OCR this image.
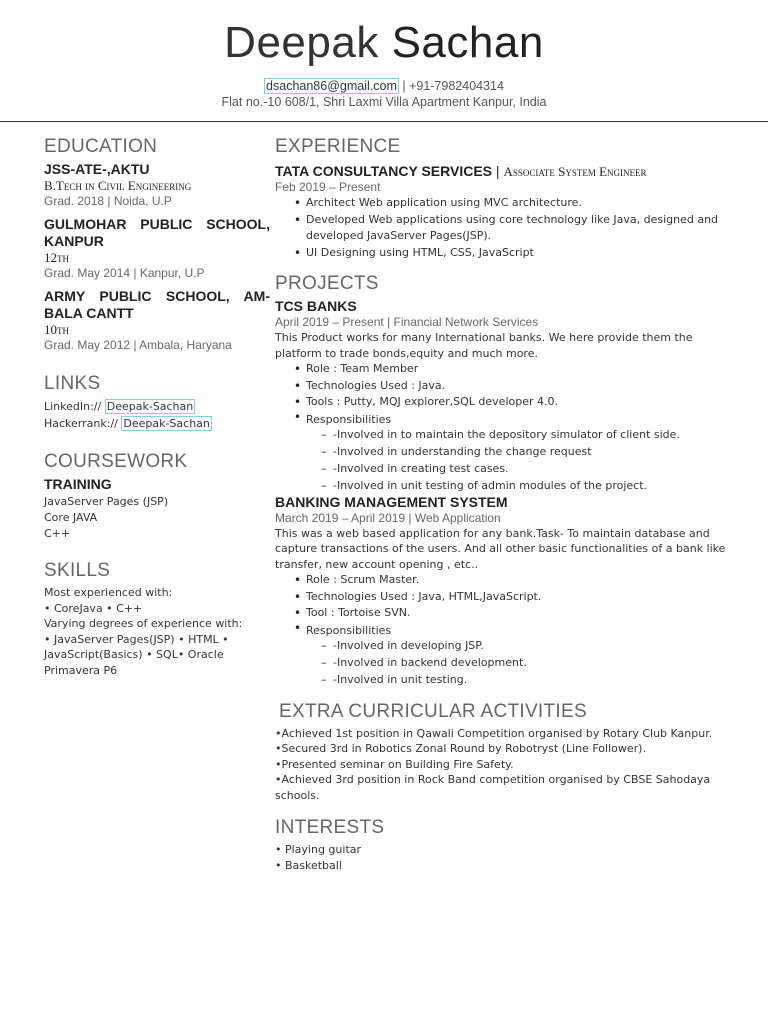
Deepak Sachan
dsachan86@gmail.com | +91-7982404314
Flat no.-10 608/1, Shri Laxmi Villa Apartment Kanpur, India
EDUCATION
JSS-ATE-,AKTU
B.Tech in Civil Engineering
Grad. 2018 | Noida, U.P
GULMOHAR PUBLIC SCHOOL, KANPUR
12th
Grad. May 2014 | Kanpur, U.P
ARMY PUBLIC SCHOOL, AM-BALA CANTT
10th
Grad. May 2012 | Ambala, Haryana
LINKS
LinkedIn:// Deepak-Sachan
Hackerrank:// Deepak-Sachan
COURSEWORK
TRAINING
JavaServer Pages (JSP)
Core JAVA
C++
SKILLS
Most experienced with:
• CoreJava • C++
Varying degrees of experience with:
• JavaServer Pages(JSP) • HTML • JavaScript(Basics) • SQL• Oracle Primavera P6
EXPERIENCE
TATA CONSULTANCY SERVICES | Associate System Engineer
Feb 2019 – Present
• Architect Web application using MVC architecture.
• Developed Web applications using core technology like Java, designed and developed JavaServer Pages(JSP).
• UI Designing using HTML, CSS, JavaScript
PROJECTS
TCS BANKS
April 2019 – Present | Financial Network Services
This Product works for many International banks. We here provide them the platform to trade bonds,equity and much more.
• Role : Team Member
• Technologies Used : Java.
• Tools : Putty, MQJ explorer,SQL developer 4.0.
• Responsibilities
– -Involved in to maintain the depository simulator of client side.
– -Involved in understanding the change request
– -Involved in creating test cases.
– -Involved in unit testing of admin modules of the project.
BANKING MANAGEMENT SYSTEM
March 2019 – April 2019 | Web Application
This was a web based application for any bank.Task- To maintain database and capture transactions of the users. And all other basic functionalities of a bank like transfer, new account opening , etc..
• Role : Scrum Master.
• Technologies Used : Java, HTML,JavaScript.
• Tool : Tortoise SVN.
• Responsibilities
– -Involved in developing JSP.
– -Involved in backend development.
– -Involved in unit testing.
EXTRA CURRICULAR ACTIVITIES
•Achieved 1st position in Qawali Competition organised by Rotary Club Kanpur.
•Secured 3rd in Robotics Zonal Round by Robotryst (Line Follower).
•Presented seminar on Building Fire Safety.
•Achieved 3rd position in Rock Band competition organised by CBSE Sahodaya schools.
INTERESTS
• Playing guitar
• Basketball
